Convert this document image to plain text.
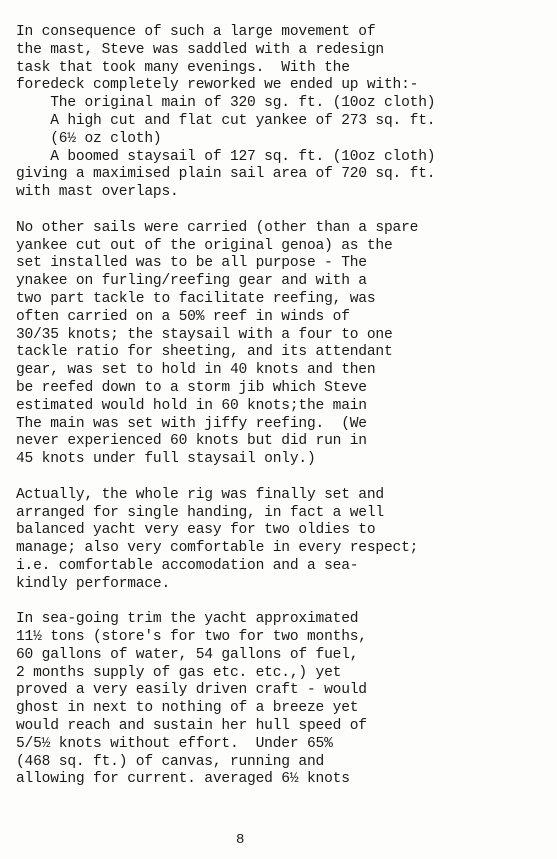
In consequence of such a large movement of
the mast, Steve was saddled with a redesign
task that took many evenings.  With the
foredeck completely reworked we ended up with:-
The original main of 320 sg. ft. (10oz cloth)
A high cut and flat cut yankee of 273 sq. ft.
(6½ oz cloth)
A boomed staysail of 127 sq. ft. (10oz cloth)
giving a maximised plain sail area of 720 sq. ft.
with mast overlaps.
No other sails were carried (other than a spare
yankee cut out of the original genoa) as the
set installed was to be all purpose - The
ynakee on furling/reefing gear and with a
two part tackle to facilitate reefing, was
often carried on a 50% reef in winds of
30/35 knots; the staysail with a four to one
tackle ratio for sheeting, and its attendant
gear, was set to hold in 40 knots and then
be reefed down to a storm jib which Steve
estimated would hold in 60 knots;the main
The main was set with jiffy reefing.  (We
never experienced 60 knots but did run in
45 knots under full staysail only.)
Actually, the whole rig was finally set and
arranged for single handing, in fact a well
balanced yacht very easy for two oldies to
manage; also very comfortable in every respect;
i.e. comfortable accomodation and a sea-
kindly performace.
In sea-going trim the yacht approximated
11½ tons (store's for two for two months,
60 gallons of water, 54 gallons of fuel,
2 months supply of gas etc. etc.,) yet
proved a very easily driven craft - would
ghost in next to nothing of a breeze yet
would reach and sustain her hull speed of
5/5½ knots without effort.  Under 65%
(468 sq. ft.) of canvas, running and
allowing for current. averaged 6½ knots
8
